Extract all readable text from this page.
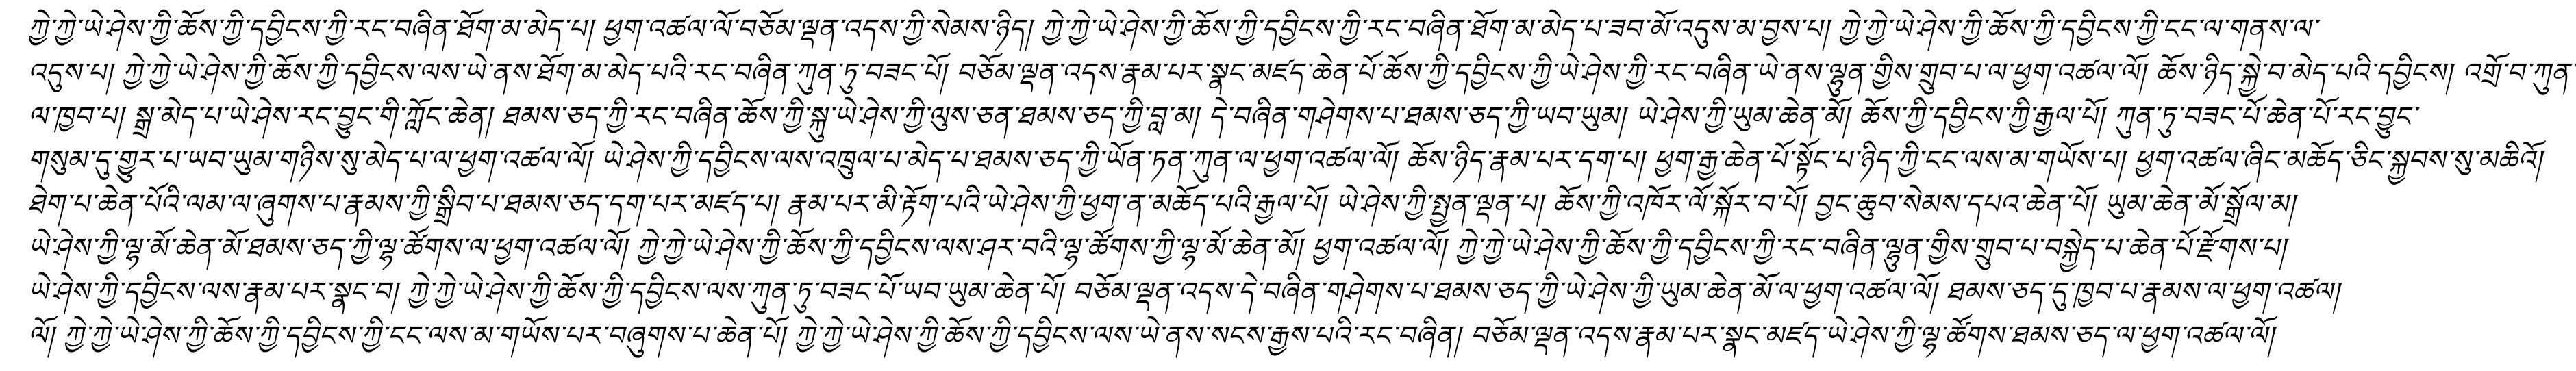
ཀྱེ་ཀྱེ་ཡེ་ཤེས་ཀྱི་ཆོས་ཀྱི་དབྱིངས་ཀྱི་རང་བཞིན་ཐོག་མ་མེད་པ། ཕྱག་འཚལ་ལོ་བཅོམ་ལྡན་འདས་ཀྱི་སེམས་ཉིད། ཀྱེ་ཀྱེ་ཡེ་ཤེས་ཀྱི་ཆོས་ཀྱི་དབྱིངས་ཀྱི་རང་བཞིན་ཐོག་མ་མེད་པ་ཟབ་མོ་འདུས་མ་བྱས་པ། ཀྱེ་ཀྱེ་ཡེ་ཤེས་ཀྱི་ཆོས་ཀྱི་དབྱིངས་ཀྱི་ངང་ལ་གནས་ལ་
འདུས་པ། ཀྱེ་ཀྱེ་ཡེ་ཤེས་ཀྱི་ཆོས་ཀྱི་དབྱིངས་ལས་ཡེ་ནས་ཐོག་མ་མེད་པའི་རང་བཞིན་ཀུན་ཏུ་བཟང་པོ། བཅོམ་ལྡན་འདས་རྣམ་པར་སྣང་མཛད་ཆེན་པོ་ཆོས་ཀྱི་དབྱིངས་ཀྱི་ཡེ་ཤེས་ཀྱི་རང་བཞིན་ཡེ་ནས་ལྷུན་གྱིས་གྲུབ་པ་ལ་ཕྱག་འཚལ་ལོ། ཆོས་ཉིད་སྐྱེ་བ་མེད་པའི་དབྱིངས། འགྲོ་བ་ཀུན་
ལ་ཁྱབ་པ། སྒྲ་མེད་པ་ཡེ་ཤེས་རང་བྱུང་གི་ཀློང་ཆེན། ཐམས་ཅད་ཀྱི་རང་བཞིན་ཆོས་ཀྱི་སྐུ་ཡེ་ཤེས་ཀྱི་ལུས་ཅན་ཐམས་ཅད་ཀྱི་བླ་མ། དེ་བཞིན་གཤེགས་པ་ཐམས་ཅད་ཀྱི་ཡབ་ཡུམ། ཡེ་ཤེས་ཀྱི་ཡུམ་ཆེན་མོ། ཆོས་ཀྱི་དབྱིངས་ཀྱི་རྒྱལ་པོ། ཀུན་ཏུ་བཟང་པོ་ཆེན་པོ་རང་བྱུང་
གསུམ་དུ་གྱུར་པ་ཡབ་ཡུམ་གཉིས་སུ་མེད་པ་ལ་ཕྱག་འཚལ་ལོ། ཡེ་ཤེས་ཀྱི་དབྱིངས་ལས་འཁྲུལ་པ་མེད་པ་ཐམས་ཅད་ཀྱི་ཡོན་ཏན་ཀུན་ལ་ཕྱག་འཚལ་ལོ། ཆོས་ཉིད་རྣམ་པར་དག་པ། ཕྱག་རྒྱ་ཆེན་པོ་སྟོང་པ་ཉིད་ཀྱི་ངང་ལས་མ་གཡོས་པ། ཕྱག་འཚལ་ཞིང་མཆོད་ཅིང་སྐྱབས་སུ་མཆིའོ།
ཐེག་པ་ཆེན་པོའི་ལམ་ལ་ཞུགས་པ་རྣམས་ཀྱི་སྒྲིབ་པ་ཐམས་ཅད་དག་པར་མཛད་པ། རྣམ་པར་མི་རྟོག་པའི་ཡེ་ཤེས་ཀྱི་ཕྱག་ན་མཆོད་པའི་རྒྱལ་པོ། ཡེ་ཤེས་ཀྱི་སྤྱན་ལྡན་པ། ཆོས་ཀྱི་འཁོར་ལོ་སྐོར་བ་པོ། བྱང་ཆུབ་སེམས་དཔའ་ཆེན་པོ། ཡུམ་ཆེན་མོ་སྒྲོལ་མ།
ཡེ་ཤེས་ཀྱི་ལྷ་མོ་ཆེན་མོ་ཐམས་ཅད་ཀྱི་ལྷ་ཚོགས་ལ་ཕྱག་འཚལ་ལོ། ཀྱེ་ཀྱེ་ཡེ་ཤེས་ཀྱི་ཆོས་ཀྱི་དབྱིངས་ལས་ཤར་བའི་ལྷ་ཚོགས་ཀྱི་ལྷ་མོ་ཆེན་མོ། ཕྱག་འཚལ་ལོ། ཀྱེ་ཀྱེ་ཡེ་ཤེས་ཀྱི་ཆོས་ཀྱི་དབྱིངས་ཀྱི་རང་བཞིན་ལྷུན་གྱིས་གྲུབ་པ་བསྐྱེད་པ་ཆེན་པོ་རྫོགས་པ།
ཡེ་ཤེས་ཀྱི་དབྱིངས་ལས་རྣམ་པར་སྣང་བ། ཀྱེ་ཀྱེ་ཡེ་ཤེས་ཀྱི་ཆོས་ཀྱི་དབྱིངས་ལས་ཀུན་ཏུ་བཟང་པོ་ཡབ་ཡུམ་ཆེན་པོ། བཅོམ་ལྡན་འདས་དེ་བཞིན་གཤེགས་པ་ཐམས་ཅད་ཀྱི་ཡེ་ཤེས་ཀྱི་ཡུམ་ཆེན་མོ་ལ་ཕྱག་འཚལ་ལོ། ཐམས་ཅད་དུ་ཁྱབ་པ་རྣམས་ལ་ཕྱག་འཚལ།
ལོ། ཀྱེ་ཀྱེ་ཡེ་ཤེས་ཀྱི་ཆོས་ཀྱི་དབྱིངས་ཀྱི་ངང་ལས་མ་གཡོས་པར་བཞུགས་པ་ཆེན་པོ། ཀྱེ་ཀྱེ་ཡེ་ཤེས་ཀྱི་ཆོས་ཀྱི་དབྱིངས་ལས་ཡེ་ནས་སངས་རྒྱས་པའི་རང་བཞིན། བཅོམ་ལྡན་འདས་རྣམ་པར་སྣང་མཛད་ཡེ་ཤེས་ཀྱི་ལྷ་ཚོགས་ཐམས་ཅད་ལ་ཕྱག་འཚལ་ལོ།
